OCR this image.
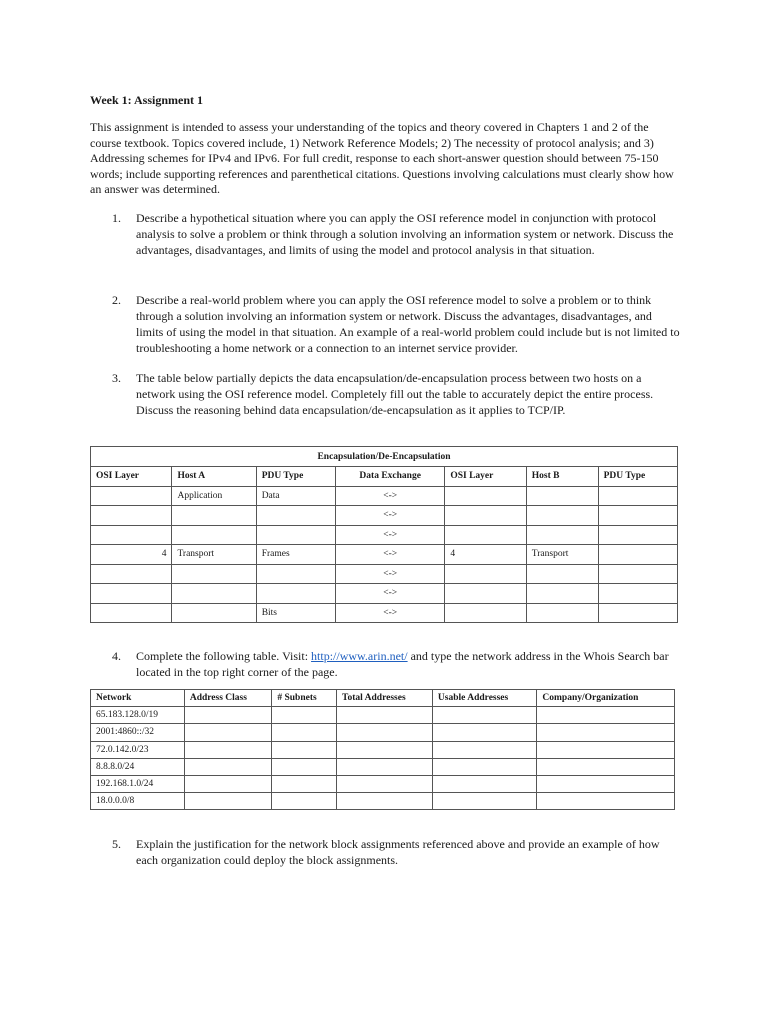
Week 1: Assignment 1
This assignment is intended to assess your understanding of the topics and theory covered in Chapters 1 and 2 of the course textbook. Topics covered include, 1) Network Reference Models; 2) The necessity of protocol analysis; and 3) Addressing schemes for IPv4 and IPv6. For full credit, response to each short-answer question should between 75-150 words; include supporting references and parenthetical citations. Questions involving calculations must clearly show how an answer was determined.
1.	Describe a hypothetical situation where you can apply the OSI reference model in conjunction with protocol analysis to solve a problem or think through a solution involving an information system or network. Discuss the advantages, disadvantages, and limits of using the model and protocol analysis in that situation.
2.	Describe a real-world problem where you can apply the OSI reference model to solve a problem or to think through a solution involving an information system or network. Discuss the advantages, disadvantages, and limits of using the model in that situation. An example of a real-world problem could include but is not limited to troubleshooting a home network or a connection to an internet service provider.
3.	The table below partially depicts the data encapsulation/de-encapsulation process between two hosts on a network using the OSI reference model. Completely fill out the table to accurately depict the entire process. Discuss the reasoning behind data encapsulation/de-encapsulation as it applies to TCP/IP.
Encapsulation/De-Encapsulation						
OSI Layer	Host A	PDU Type	Data Exchange	OSI Layer	Host B	PDU Type
	Application	Data	<->			
			<->			
			<->			
4	Transport	Frames	<->	4	Transport	
			<->			
			<->			
		Bits	<->			
4.	Complete the following table. Visit: http://www.arin.net/ and type the network address in the Whois Search bar located in the top right corner of the page.
Network	Address Class	# Subnets	Total Addresses	Usable Addresses	Company/Organization
65.183.128.0/19					
2001:4860::/32					
72.0.142.0/23					
8.8.8.0/24					
192.168.1.0/24					
18.0.0.0/8					
5.	Explain the justification for the network block assignments referenced above and provide an example of how each organization could deploy the block assignments.
